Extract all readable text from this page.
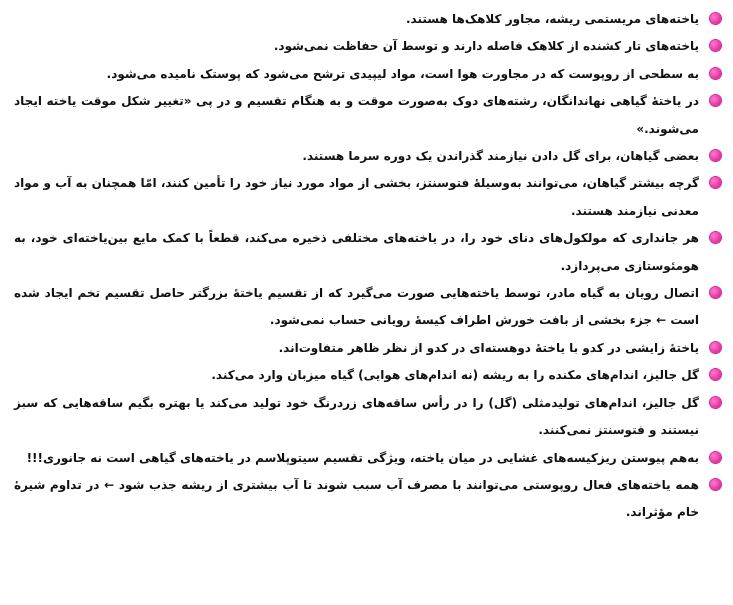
یاخته‌های مریستمی ریشه، مجاور کلاهک‌ها هستند.
یاخته‌های تار کشنده از کلاهک فاصله دارند و توسط آن حفاظت نمی‌شود.
به سطحی از روپوست که در مجاورت هوا است، مواد لیپیدی ترشح می‌شود که پوستک نامیده می‌شود.
در یاختهٔ گیاهی نهاندانگان، رشته‌های دوک به‌صورت موقت و به هنگام تقسیم و در پی «تغییر شکل موقت یاخته ایجاد می‌شوند.»
بعضی گیاهان، برای گل دادن نیازمند گذراندن یک دوره سرما هستند.
گرچه بیشتر گیاهان، می‌توانند به‌وسیلهٔ فتوسنتز، بخشی از مواد مورد نیاز خود را تأمین کنند، امّا همچنان به آب و مواد معدنی نیازمند هستند.
هر جانداری که مولکول‌های دنای خود را، در یاخته‌های مختلفی ذخیره می‌کند، قطعاً با کمک مایع بین‌یاخته‌ای خود، به هومئوستازی می‌پردازد.
اتصال رویان به گیاه مادر، توسط یاخته‌هایی صورت می‌گیرد که از تقسیم یاختهٔ بزرگتر حاصل تقسیم تخم ایجاد شده است ← جزء بخشی از بافت خورش اطراف کیسهٔ رویانی حساب نمی‌شود.
یاختهٔ زایشی در کدو با یاختهٔ دوهسته‌ای در کدو از نظر ظاهر متفاوت‌اند.
گل جالیز، اندام‌های مکنده را به ریشه (نه اندام‌های هوایی) گیاه میزبان وارد می‌کند.
گل جالیز، اندام‌های تولیدمثلی (گل) را در رأس ساقه‌های زردرنگ خود تولید می‌کند یا بهتره بگیم ساقه‌هایی که سبز نیستند و فتوسنتز نمی‌کنند.
به‌هم پیوستن ریزکیسه‌های غشایی در میان یاخته، ویژگی تقسیم سیتوپلاسم در یاخته‌های گیاهی است نه جانوری!!!
همه یاخته‌های فعال روپوستی می‌توانند با مصرف آب سبب شوند تا آب بیشتری از ریشه جذب شود ← در تداوم شیرهٔ خام مؤثراند.
